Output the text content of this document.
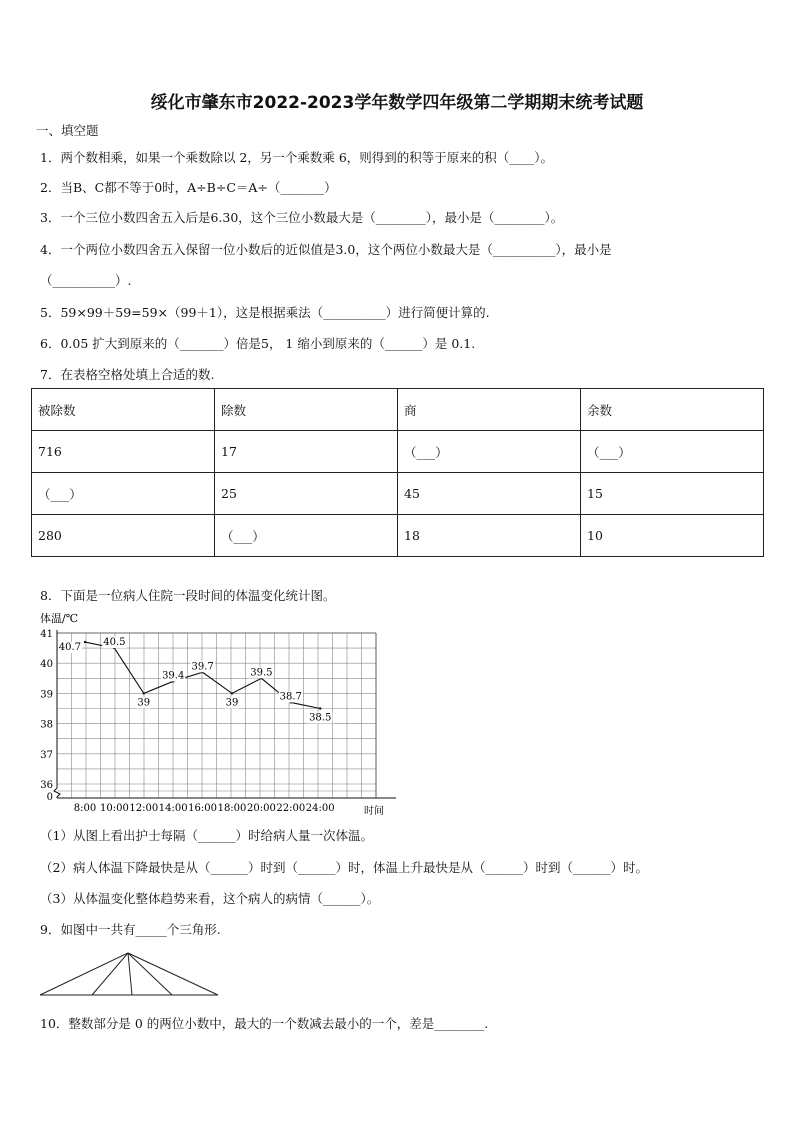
绥化市肇东市2022-2023学年数学四年级第二学期期末统考试题
一、填空题
1．两个数相乘，如果一个乘数除以 2，另一个乘数乘 6，则得到的积等于原来的积（____）。
2．当B、C都不等于0时，A÷B÷C＝A÷（_______）
3．一个三位小数四舍五入后是6.30，这个三位小数最大是（________），最小是（________）。
4．一个两位小数四舍五入保留一位小数后的近似值是3.0，这个两位小数最大是（__________），最小是
（__________）.
5．59×99＋59=59×（99＋1），这是根据乘法（__________）进行简便计算的.
6．0.05 扩大到原来的（_______）倍是5， 1 缩小到原来的（______）是 0.1.
7．在表格空格处填上合适的数.
被除数	除数	商	余数
716	17	（___）	（___）
（___）	25	45	15
280	（___）	18	10
8．下面是一位病人住院一段时间的体温变化统计图。
体温/℃
时间
0
36
37
38
39
40
41
8:00 10:00 12:00 14:00 16:00 18:00 20:00 22:00 24:00
40.7 40.5
39
39.4
39.7
39
39.5
38.7
38.5
（1）从图上看出护士每隔（______）时给病人量一次体温。
（2）病人体温下降最快是从（______）时到（______）时，体温上升最快是从（______）时到（______）时。
（3）从体温变化整体趋势来看，这个病人的病情（______）。
9．如图中一共有_____个三角形.
10．整数部分是 0 的两位小数中，最大的一个数减去最小的一个，差是________.
